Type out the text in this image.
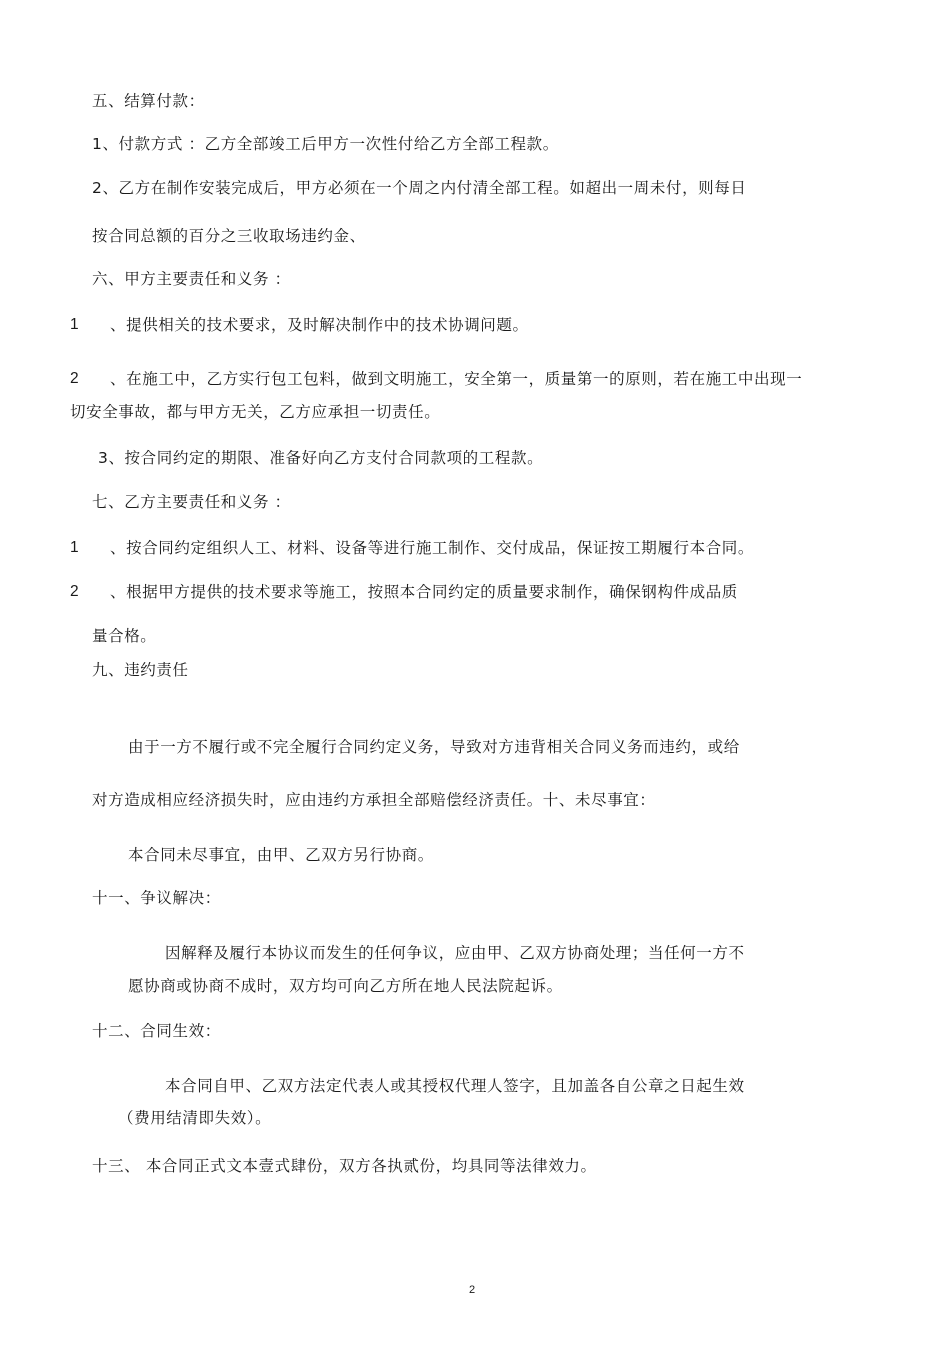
五、结算付款：
1、付款方式 ：乙方全部竣工后甲方一次性付给乙方全部工程款。
2、乙方在制作安装完成后，甲方必须在一个周之内付清全部工程。如超出一周未付，则每日
按合同总额的百分之三收取场违约金、
六、甲方主要责任和义务 ：
1 、提供相关的技术要求，及时解决制作中的技术协调问题。
2 、在施工中，乙方实行包工包料，做到文明施工，安全第一，质量第一的原则，若在施工中出现一
切安全事故，都与甲方无关，乙方应承担一切责任。
3、按合同约定的期限、准备好向乙方支付合同款项的工程款。
七、乙方主要责任和义务 ：
1 、按合同约定组织人工、材料、设备等进行施工制作、交付成品，保证按工期履行本合同。
2 、根据甲方提供的技术要求等施工，按照本合同约定的质量要求制作，确保钢构件成品质
量合格。
九、违约责任
由于一方不履行或不完全履行合同约定义务，导致对方违背相关合同义务而违约，或给
对方造成相应经济损失时，应由违约方承担全部赔偿经济责任。十、未尽事宜：
本合同未尽事宜，由甲、乙双方另行协商。
十一、争议解决：
因解释及履行本协议而发生的任何争议，应由甲、乙双方协商处理；当任何一方不
愿协商或协商不成时，双方均可向乙方所在地人民法院起诉。
十二、合同生效：
本合同自甲、乙双方法定代表人或其授权代理人签字，且加盖各自公章之日起生效
（费用结清即失效）。
十三、 本合同正式文本壹式肆份，双方各执贰份，均具同等法律效力。
2
